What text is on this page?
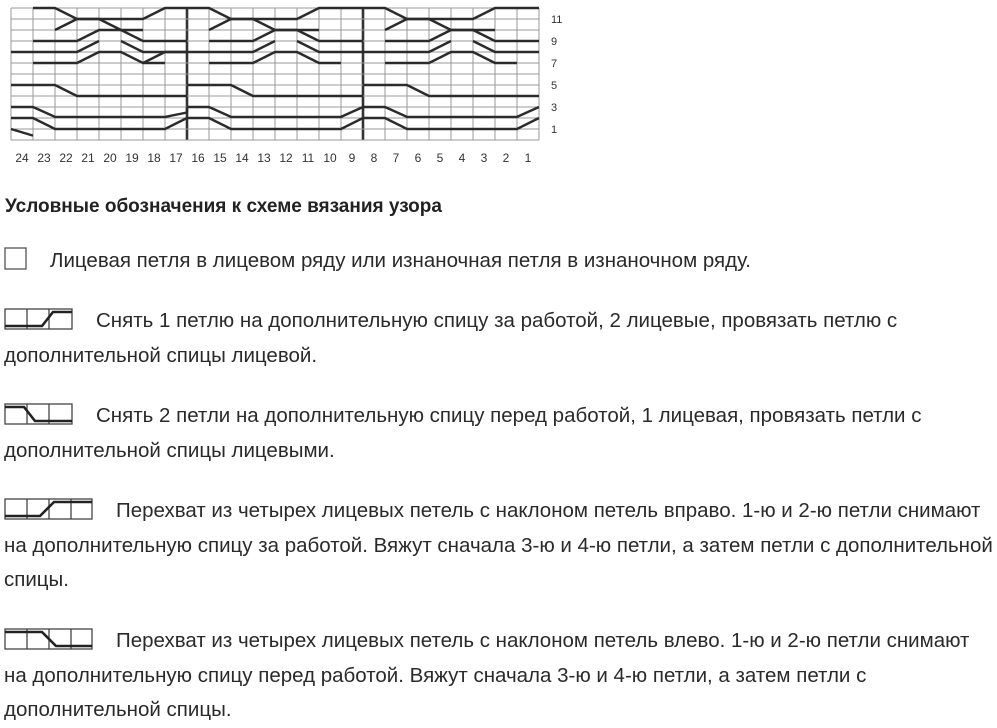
11
9
7
5
3
1
24 23 22 21 20 19 18 17 16 15 14 13 12 11 10 9 8 7 6 5 4 3 2 1
Условные обозначения к схеме вязания узора
Лицевая петля в лицевом ряду или изнаночная петля в изнаночном ряду.
Снять 1 петлю на дополнительную спицу за работой, 2 лицевые, провязать петлю с дополнительной спицы лицевой.
Снять 2 петли на дополнительную спицу перед работой, 1 лицевая, провязать петли с дополнительной спицы лицевыми.
Перехват из четырех лицевых петель с наклоном петель вправо. 1-ю и 2-ю петли снимают на дополнительную спицу за работой. Вяжут сначала 3-ю и 4-ю петли, а затем петли с дополнительной спицы.
Перехват из четырех лицевых петель с наклоном петель влево. 1-ю и 2-ю петли снимают на дополнительную спицу перед работой. Вяжут сначала 3-ю и 4-ю петли, а затем петли с дополнительной спицы.
